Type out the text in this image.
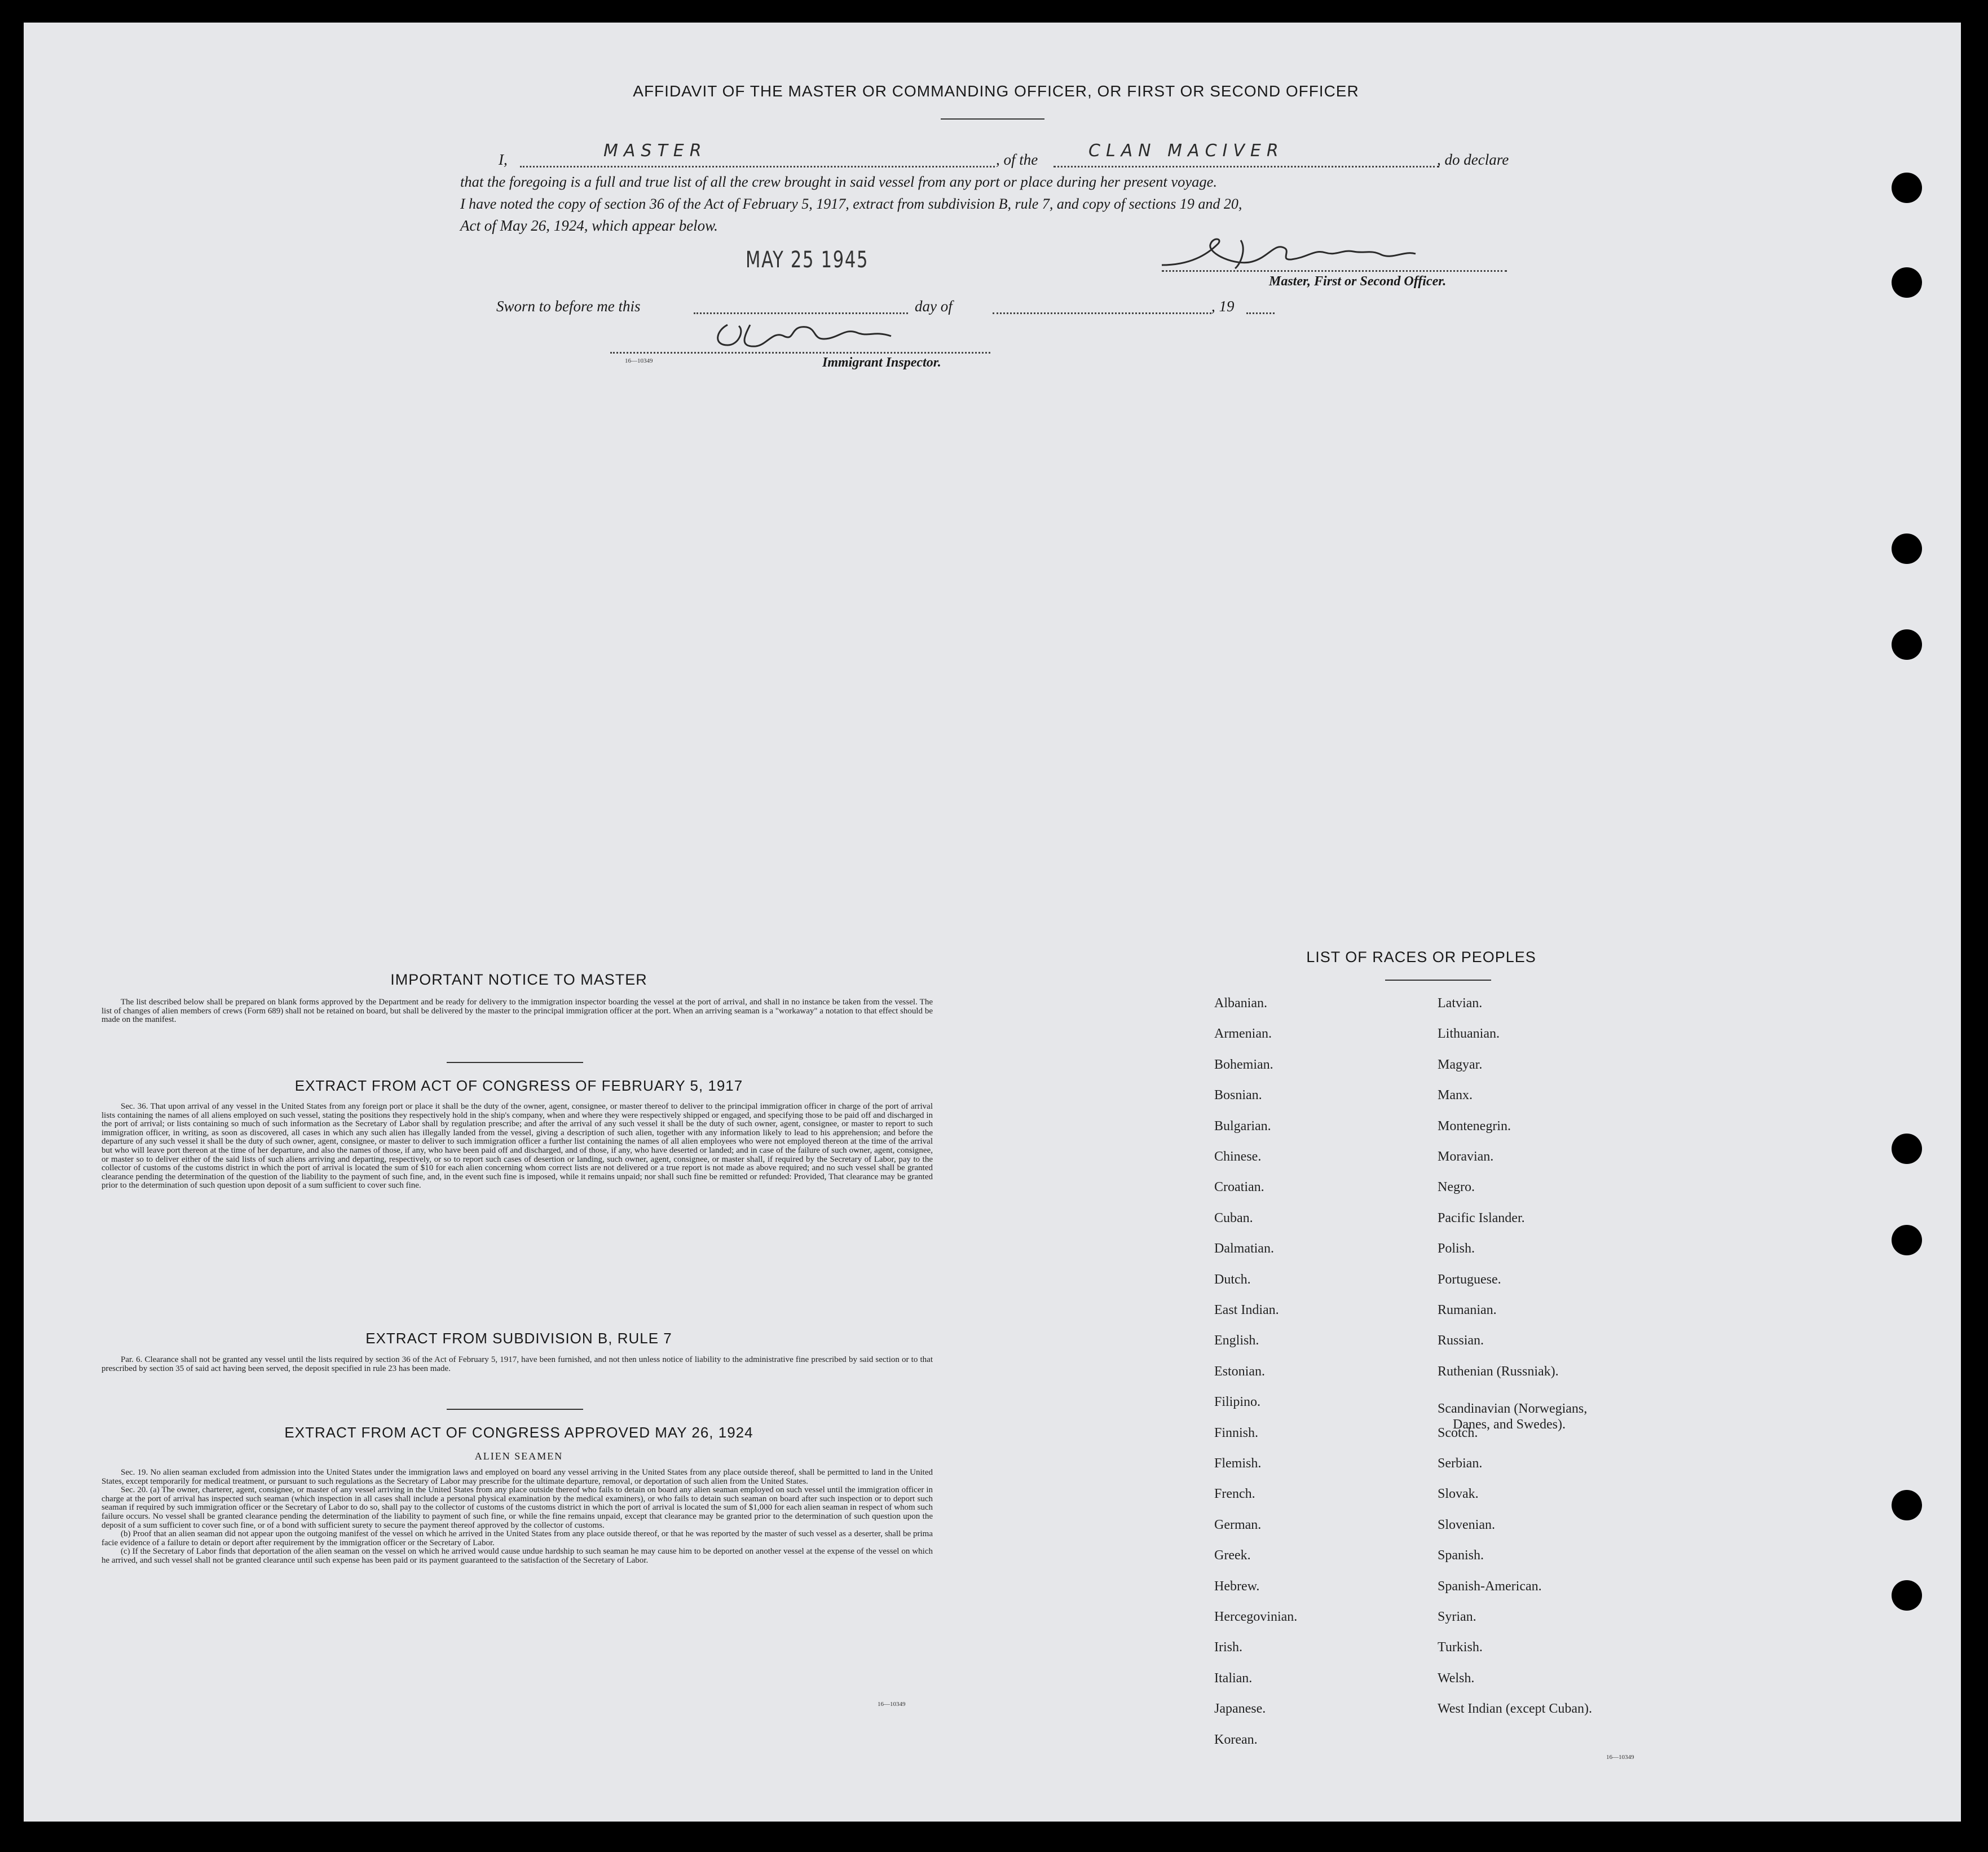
AFFIDAVIT OF THE MASTER OR COMMANDING OFFICER, OR FIRST OR SECOND OFFICER
I,	MASTER	, of the	CLAN MACIVER	, do declare
that the foregoing is a full and true list of all the crew brought in said vessel from any port or place during her present voyage.
I have noted the copy of section 36 of the Act of February 5, 1917, extract from subdivision B, rule 7, and copy of sections 19 and 20,
Act of May 26, 1924, which appear below.
MAY 25 1945
Master, First or Second Officer.
Sworn to before me this	day of	, 19
16—10349	Immigrant Inspector.
IMPORTANT NOTICE TO MASTER

The list described below shall be prepared on blank forms approved by the Department and be ready for delivery to the immigration inspector boarding the vessel at the port of arrival, and shall in no instance be taken from the vessel. The list of changes of alien members of crews (Form 689) shall not be retained on board, but shall be delivered by the master to the principal immigration officer at the port. When an arriving seaman is a "workaway" a notation to that effect should be made on the manifest.

EXTRACT FROM ACT OF CONGRESS OF FEBRUARY 5, 1917

Sec. 36. That upon arrival of any vessel in the United States from any foreign port or place it shall be the duty of the owner, agent, consignee, or master thereof to deliver to the principal immigration officer in charge of the port of arrival lists containing the names of all aliens employed on such vessel, stating the positions they respectively hold in the ship's company, when and where they were respectively shipped or engaged, and specifying those to be paid off and discharged in the port of arrival; or lists containing so much of such information as the Secretary of Labor shall by regulation prescribe; and after the arrival of any such vessel it shall be the duty of such owner, agent, consignee, or master to report to such immigration officer, in writing, as soon as discovered, all cases in which any such alien has illegally landed from the vessel, giving a description of such alien, together with any information likely to lead to his apprehension; and before the departure of any such vessel it shall be the duty of such owner, agent, consignee, or master to deliver to such immigration officer a further list containing the names of all alien employees who were not employed thereon at the time of the arrival but who will leave port thereon at the time of her departure, and also the names of those, if any, who have been paid off and discharged, and of those, if any, who have deserted or landed; and in case of the failure of such owner, agent, consignee, or master so to deliver either of the said lists of such aliens arriving and departing, respectively, or so to report such cases of desertion or landing, such owner, agent, consignee, or master shall, if required by the Secretary of Labor, pay to the collector of customs of the customs district in which the port of arrival is located the sum of $10 for each alien concerning whom correct lists are not delivered or a true report is not made as above required; and no such vessel shall be granted clearance pending the determination of the question of the liability to the payment of such fine, and, in the event such fine is imposed, while it remains unpaid; nor shall such fine be remitted or refunded: Provided, That clearance may be granted prior to the determination of such question upon deposit of a sum sufficient to cover such fine.

EXTRACT FROM SUBDIVISION B, RULE 7

Par. 6. Clearance shall not be granted any vessel until the lists required by section 36 of the Act of February 5, 1917, have been furnished, and not then unless notice of liability to the administrative fine prescribed by said section or to that prescribed by section 35 of said act having been served, the deposit specified in rule 23 has been made.

EXTRACT FROM ACT OF CONGRESS APPROVED MAY 26, 1924
ALIEN SEAMEN

Sec. 19. No alien seaman excluded from admission into the United States under the immigration laws and employed on board any vessel arriving in the United States from any place outside thereof, shall be permitted to land in the United States, except temporarily for medical treatment, or pursuant to such regulations as the Secretary of Labor may prescribe for the ultimate departure, removal, or deportation of such alien from the United States.

Sec. 20. (a) The owner, charterer, agent, consignee, or master of any vessel arriving in the United States from any place outside thereof who fails to detain on board any alien seaman employed on such vessel until the immigration officer in charge at the port of arrival has inspected such seaman (which inspection in all cases shall include a personal physical examination by the medical examiners), or who fails to detain such seaman on board after such inspection or to deport such seaman if required by such immigration officer or the Secretary of Labor to do so, shall pay to the collector of customs of the customs district in which the port of arrival is located the sum of $1,000 for each alien seaman in respect of whom such failure occurs. No vessel shall be granted clearance pending the determination of the liability to payment of such fine, or while the fine remains unpaid, except that clearance may be granted prior to the determination of such question upon the deposit of a sum sufficient to cover such fine, or of a bond with sufficient surety to secure the payment thereof approved by the collector of customs.

(b) Proof that an alien seaman did not appear upon the outgoing manifest of the vessel on which he arrived in the United States from any place outside thereof, or that he was reported by the master of such vessel as a deserter, shall be prima facie evidence of a failure to detain or deport after requirement by the immigration officer or the Secretary of Labor.

(c) If the Secretary of Labor finds that deportation of the alien seaman on the vessel on which he arrived would cause undue hardship to such seaman he may cause him to be deported on another vessel at the expense of the vessel on which he arrived, and such vessel shall not be granted clearance until such expense has been paid or its payment guaranteed to the satisfaction of the Secretary of Labor.

16—10349
LIST OF RACES OR PEOPLES
Albanian.
Armenian.
Bohemian.
Bosnian.
Bulgarian.
Chinese.
Croatian.
Cuban.
Dalmatian.
Dutch.
East Indian.
English.
Estonian.
Filipino.
Finnish.
Flemish.
French.
German.
Greek.
Hebrew.
Hercegovinian.
Irish.
Italian.
Japanese.
Korean.
Latvian.
Lithuanian.
Magyar.
Manx.
Montenegrin.
Moravian.
Negro.
Pacific Islander.
Polish.
Portuguese.
Rumanian.
Russian.
Ruthenian (Russniak).
Scandinavian (Norwegians,
Danes, and Swedes).
Scotch.
Serbian.
Slovak.
Slovenian.
Spanish.
Spanish-American.
Syrian.
Turkish.
Welsh.
West Indian (except Cuban).
16—10349
